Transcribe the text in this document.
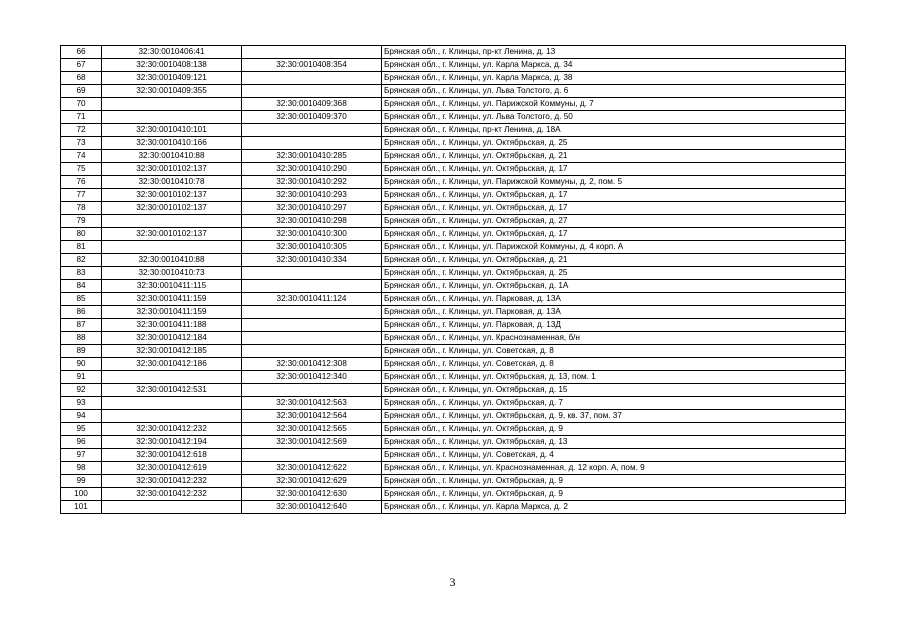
66	32:30:0010406:41		Брянская обл., г. Клинцы, пр-кт Ленина, д. 13
67	32:30:0010408:138	32:30:0010408:354	Брянская обл., г. Клинцы, ул. Карла Маркса, д. 34
68	32:30:0010409:121		Брянская обл., г. Клинцы, ул. Карла Маркса, д. 38
69	32:30:0010409:355		Брянская обл., г. Клинцы, ул. Льва Толстого, д. 6
70		32:30:0010409:368	Брянская обл., г. Клинцы, ул. Парижской Коммуны, д. 7
71		32:30:0010409:370	Брянская обл., г. Клинцы, ул. Льва Толстого, д. 50
72	32:30:0010410:101		Брянская обл., г. Клинцы, пр-кт Ленина, д. 18А
73	32:30:0010410:166		Брянская обл., г. Клинцы, ул. Октябрьская, д. 25
74	32:30:0010410:88	32:30:0010410:285	Брянская обл., г. Клинцы, ул. Октябрьская, д. 21
75	32:30:0010102:137	32:30:0010410:290	Брянская обл., г. Клинцы, ул. Октябрьская, д. 17
76	32:30:0010410:78	32:30:0010410:292	Брянская обл., г. Клинцы, ул. Парижской Коммуны, д. 2, пом. 5
77	32:30:0010102:137	32:30:0010410:293	Брянская обл., г. Клинцы, ул. Октябрьская, д. 17
78	32:30:0010102:137	32:30:0010410:297	Брянская обл., г. Клинцы, ул. Октябрьская, д. 17
79		32:30:0010410:298	Брянская обл., г. Клинцы, ул. Октябрьская, д. 27
80	32:30:0010102:137	32:30:0010410:300	Брянская обл., г. Клинцы, ул. Октябрьская, д. 17
81		32:30:0010410:305	Брянская обл., г. Клинцы, ул. Парижской Коммуны, д. 4 корп. А
82	32:30:0010410:88	32:30:0010410:334	Брянская обл., г. Клинцы, ул. Октябрьская, д. 21
83	32:30:0010410:73		Брянская обл., г. Клинцы, ул. Октябрьская, д. 25
84	32:30:0010411:115		Брянская обл., г. Клинцы, ул. Октябрьская, д. 1А
85	32:30:0010411:159	32:30:0010411:124	Брянская обл., г. Клинцы, ул. Парковая, д. 13А
86	32:30:0010411:159		Брянская обл., г. Клинцы, ул. Парковая, д. 13А
87	32:30:0010411:188		Брянская обл., г. Клинцы, ул. Парковая, д. 13Д
88	32:30:0010412:184		Брянская обл., г. Клинцы, ул. Краснознаменная, б/н
89	32:30:0010412:185		Брянская обл., г. Клинцы, ул. Советская, д. 8
90	32:30:0010412:186	32:30:0010412:308	Брянская обл., г. Клинцы, ул. Советская, д. 8
91		32:30:0010412:340	Брянская обл., г. Клинцы, ул. Октябрьская, д. 13, пом. 1
92	32:30:0010412:531		Брянская обл., г. Клинцы, ул. Октябрьская, д. 15
93		32:30:0010412:563	Брянская обл., г. Клинцы, ул. Октябрьская, д. 7
94		32:30:0010412:564	Брянская обл., г. Клинцы, ул. Октябрьская, д. 9, кв. 37, пом. 37
95	32:30:0010412:232	32:30:0010412:565	Брянская обл., г. Клинцы, ул. Октябрьская, д. 9
96	32:30:0010412:194	32:30:0010412:569	Брянская обл., г. Клинцы, ул. Октябрьская, д. 13
97	32:30:0010412:618		Брянская обл., г. Клинцы, ул. Советская, д. 4
98	32:30:0010412:619	32:30:0010412:622	Брянская обл., г. Клинцы, ул. Краснознаменная, д. 12 корп. А, пом. 9
99	32:30:0010412:232	32:30:0010412:629	Брянская обл., г. Клинцы, ул. Октябрьская, д. 9
100	32:30:0010412:232	32:30:0010412:630	Брянская обл., г. Клинцы, ул. Октябрьская, д. 9
101		32:30:0010412:640	Брянская обл., г. Клинцы, ул. Карла Маркса, д. 2
3
